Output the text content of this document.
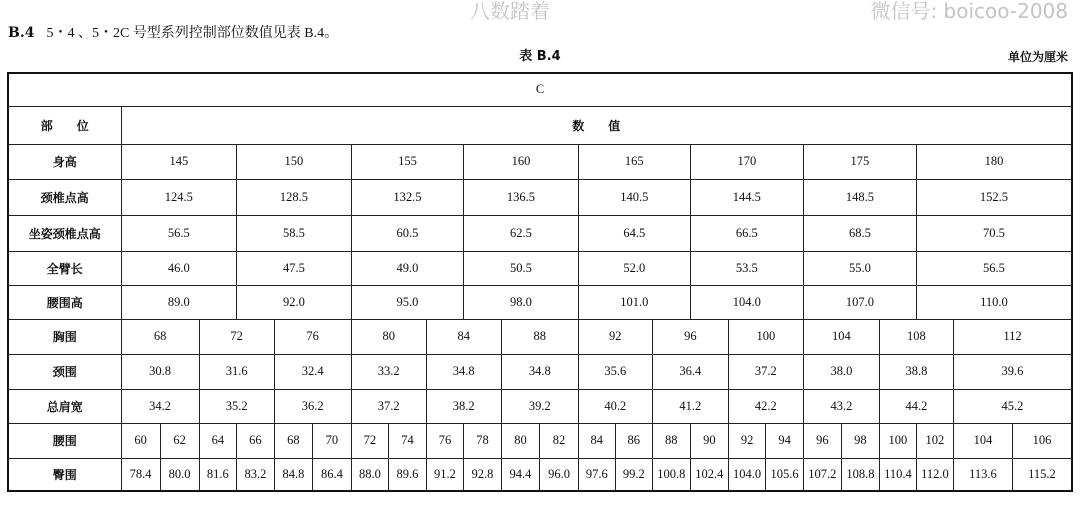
B.4 5・4 、5・2C 号型系列控制部位数值见表 B.4。
表 B.4	单位为厘米
C																								
部　　位	数　　值																							
身高	145			150			155			160			165			170			175			180		
颈椎点高	124.5			128.5			132.5			136.5			140.5			144.5			148.5			152.5		
坐姿颈椎点高	56.5			58.5			60.5			62.5			64.5			66.5			68.5			70.5		
全臂长	46.0			47.5			49.0			50.5			52.0			53.5			55.0			56.5		
腰围高	89.0			92.0			95.0			98.0			101.0			104.0			107.0			110.0		
胸围	68		72		76		80		84		88		92		96		100		104		108		112	
颈围	30.8		31.6		32.4		33.2		34.8		34.8		35.6		36.4		37.2		38.0		38.8		39.6	
总肩宽	34.2		35.2		36.2		37.2		38.2		39.2		40.2		41.2		42.2		43.2		44.2		45.2	
腰围	60	62	64	66	68	70	72	74	76	78	80	82	84	86	88	90	92	94	96	98	100	102	104	106
臀围	78.4	80.0	81.6	83.2	84.8	86.4	88.0	89.6	91.2	92.8	94.4	96.0	97.6	99.2	100.8	102.4	104.0	105.6	107.2	108.8	110.4	112.0	113.6	115.2
八数踏着	微信号: boicoo-2008
